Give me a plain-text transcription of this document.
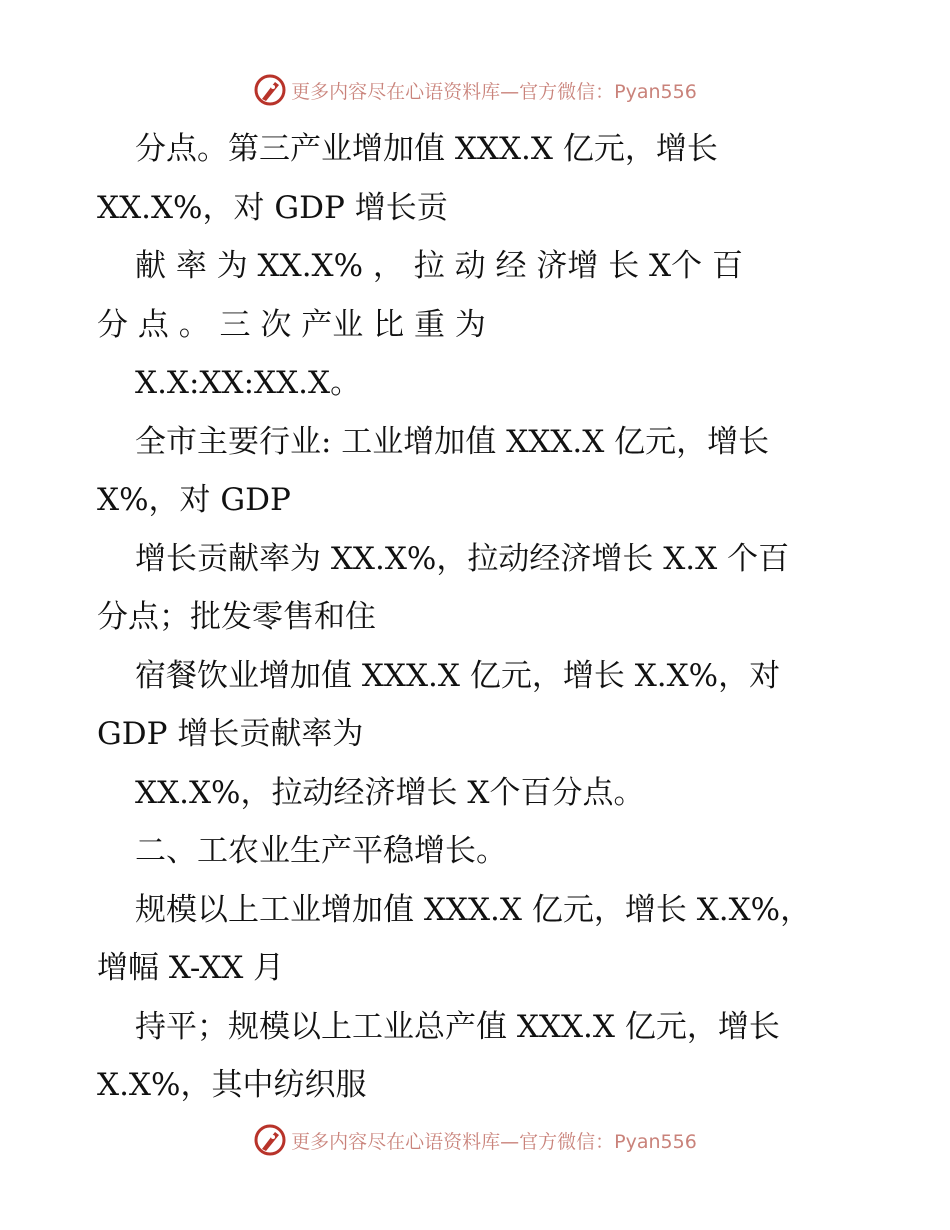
更多内容尽在心语资料库—官方微信：Pyan556
分点。第三产业增加值 XXX.X 亿元，增长
XX.X%，对 GDP 增长贡
献 率 为 XX.X% ， 拉 动 经 济增 长 X个 百
分 点 。 三 次 产业 比 重 为
X.X:XX:XX.X。
全市主要行业: 工业增加值 XXX.X 亿元，增长
X%，对 GDP
增长贡献率为 XX.X%，拉动经济增长 X.X 个百
分点；批发零售和住
宿餐饮业增加值 XXX.X 亿元，增长 X.X%，对
GDP 增长贡献率为
XX.X%，拉动经济增长 X个百分点。
二、工农业生产平稳增长。
规模以上工业增加值 XXX.X 亿元，增长 X.X%，
增幅 X-XX 月
持平；规模以上工业总产值 XXX.X 亿元，增长
X.X%，其中纺织服
更多内容尽在心语资料库—官方微信：Pyan556
